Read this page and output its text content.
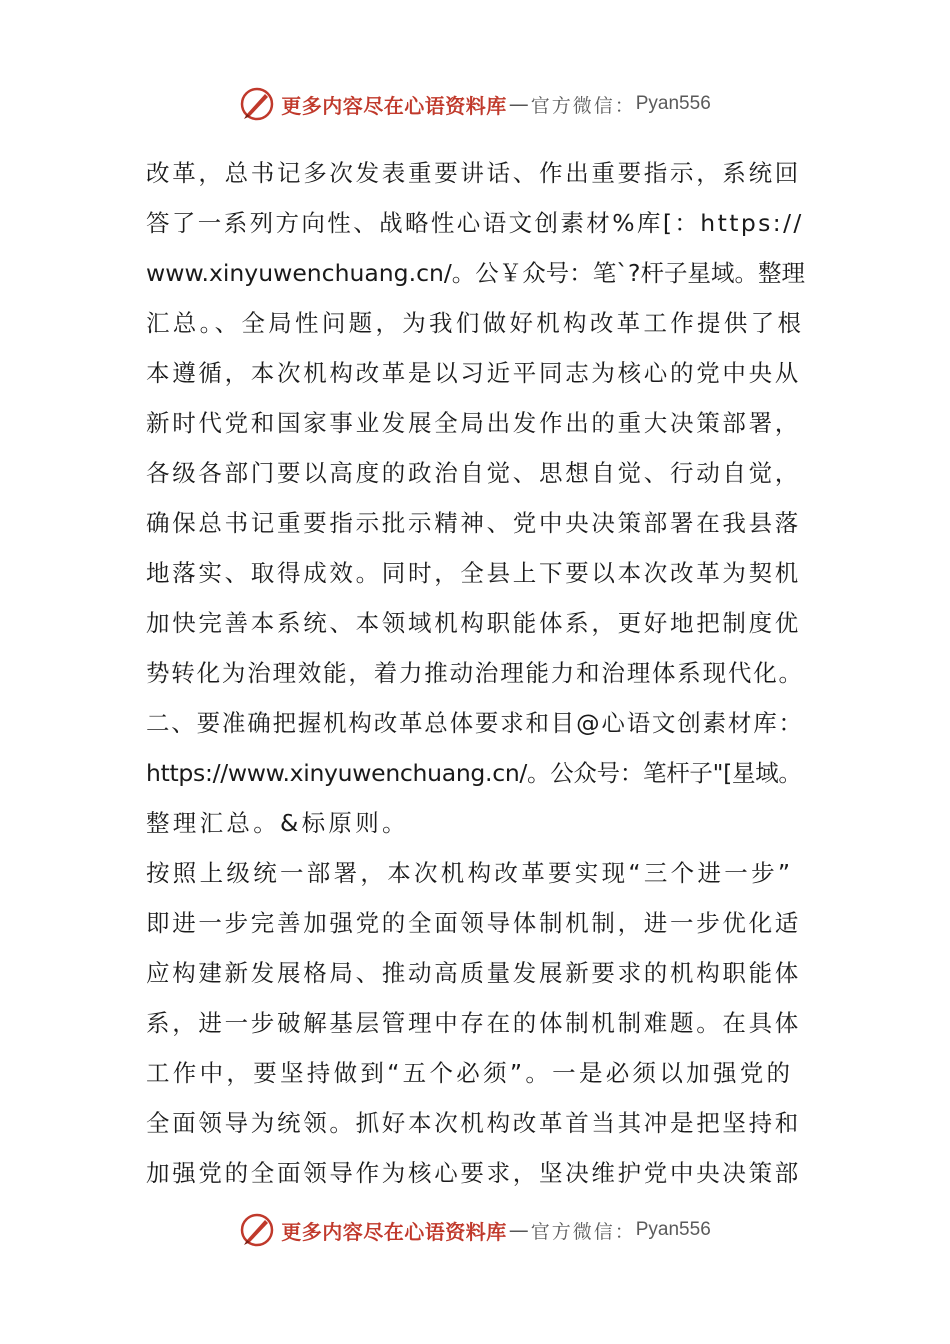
更多内容尽在心语资料库 — 官方微信： Pyan556
改革，总书记多次发表重要讲话、作出重要指示，系统回
答了一系列方向性、战略性心语文创素材%库[：https://
www.xinyuwenchuang.cn/。公￥众号：笔`?杆子星域。整理
汇总。、全局性问题，为我们做好机构改革工作提供了根
本遵循，本次机构改革是以习近平同志为核心的党中央从
新时代党和国家事业发展全局出发作出的重大决策部署，
各级各部门要以高度的政治自觉、思想自觉、行动自觉，
确保总书记重要指示批示精神、党中央决策部署在我县落
地落实、取得成效。同时，全县上下要以本次改革为契机
加快完善本系统、本领域机构职能体系，更好地把制度优
势转化为治理效能，着力推动治理能力和治理体系现代化。
二、要准确把握机构改革总体要求和目@心语文创素材库：
https://www.xinyuwenchuang.cn/。公众号：笔杆子"[星域。
整理汇总。&标原则。
按照上级统一部署，本次机构改革要实现“三个进一步”
即进一步完善加强党的全面领导体制机制，进一步优化适
应构建新发展格局、推动高质量发展新要求的机构职能体
系，进一步破解基层管理中存在的体制机制难题。在具体
工作中，要坚持做到“五个必须”。一是必须以加强党的
全面领导为统领。抓好本次机构改革首当其冲是把坚持和
加强党的全面领导作为核心要求，坚决维护党中央决策部
更多内容尽在心语资料库 — 官方微信： Pyan556
